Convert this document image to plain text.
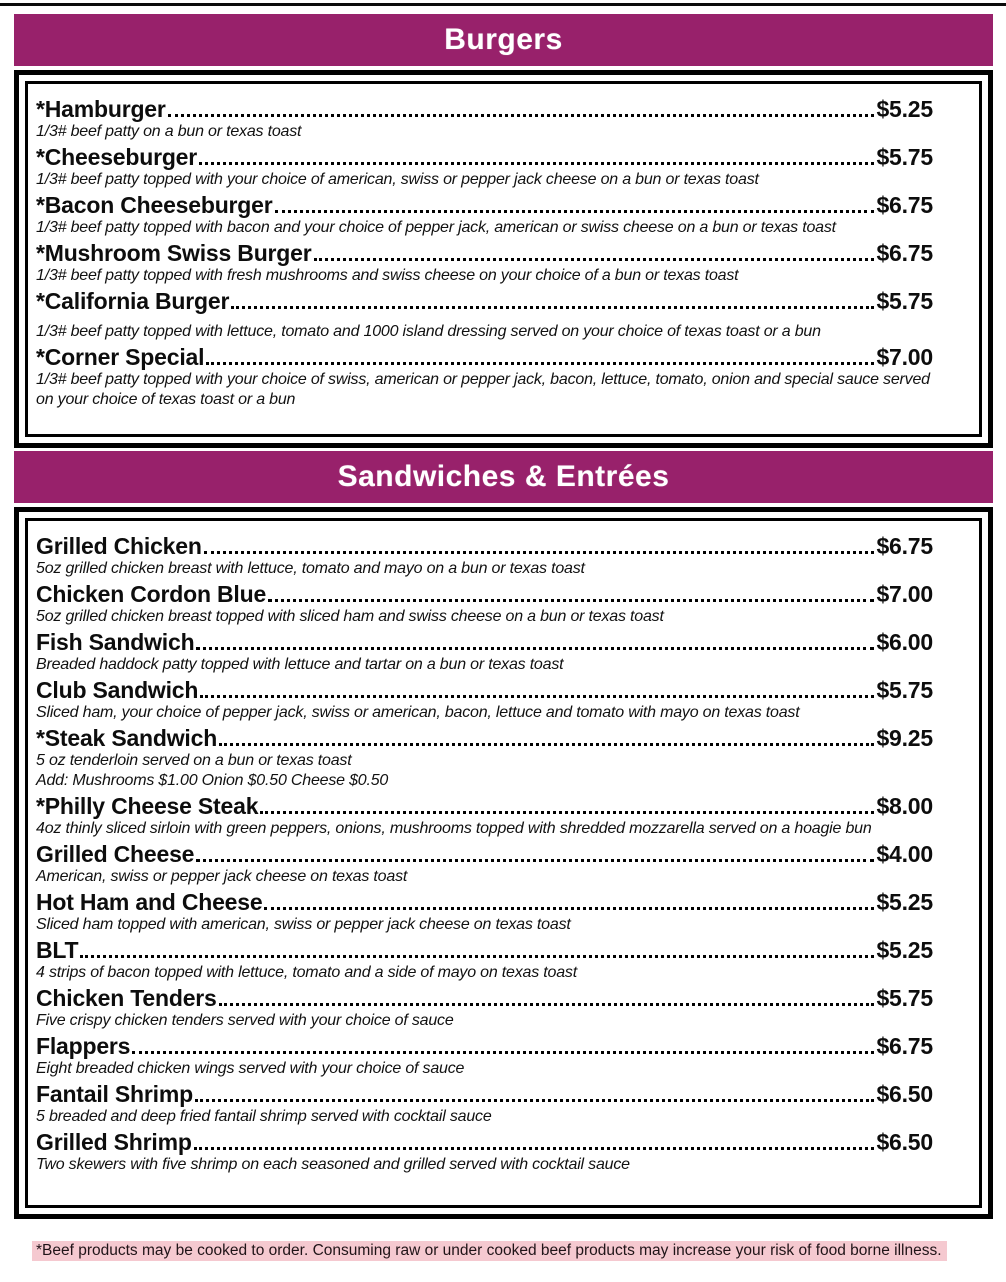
Burgers
*Hamburger	$5.25
1/3# beef patty on a bun or texas toast
*Cheeseburger	$5.75
1/3# beef patty topped with your choice of american, swiss or pepper jack cheese on a bun or texas toast
*Bacon Cheeseburger	$6.75
1/3# beef patty topped with bacon and your choice of pepper jack, american or swiss cheese on a bun or texas toast
*Mushroom Swiss Burger	$6.75
1/3# beef patty topped with fresh mushrooms and swiss cheese on your choice of a bun or texas toast
*California Burger	$5.75
1/3# beef patty topped with lettuce, tomato and 1000 island dressing served on your choice of texas toast or a bun
*Corner Special	$7.00
1/3# beef patty topped with your choice of swiss, american or pepper jack, bacon, lettuce, tomato, onion and special sauce served on your choice of texas toast or a bun
Sandwiches & Entrées
Grilled Chicken	$6.75
5oz grilled chicken breast with lettuce, tomato and mayo on a bun or texas toast
Chicken Cordon Blue	$7.00
5oz grilled chicken breast topped with sliced ham and swiss cheese on a bun or texas toast
Fish Sandwich	$6.00
Breaded haddock patty topped with lettuce and tartar on a bun or texas toast
Club Sandwich	$5.75
Sliced ham, your choice of pepper jack, swiss or american, bacon, lettuce and tomato with mayo on texas toast
*Steak Sandwich	$9.25
5 oz tenderloin served on a bun or texas toast
Add: Mushrooms $1.00 Onion $0.50 Cheese $0.50
*Philly Cheese Steak	$8.00
4oz thinly sliced sirloin with green peppers, onions, mushrooms topped with shredded mozzarella served on a hoagie bun
Grilled Cheese	$4.00
American, swiss or pepper jack cheese on texas toast
Hot Ham and Cheese	$5.25
Sliced ham topped with american, swiss or pepper jack cheese on texas toast
BLT	$5.25
4 strips of bacon topped with lettuce, tomato and a side of mayo on texas toast
Chicken Tenders	$5.75
Five crispy chicken tenders served with your choice of sauce
Flappers	$6.75
Eight breaded chicken wings served with your choice of sauce
Fantail Shrimp	$6.50
5 breaded and deep fried fantail shrimp served with cocktail sauce
Grilled Shrimp	$6.50
Two skewers with five shrimp on each seasoned and grilled served with cocktail sauce
*Beef products may be cooked to order. Consuming raw or under cooked beef products may increase your risk of food borne illness.
